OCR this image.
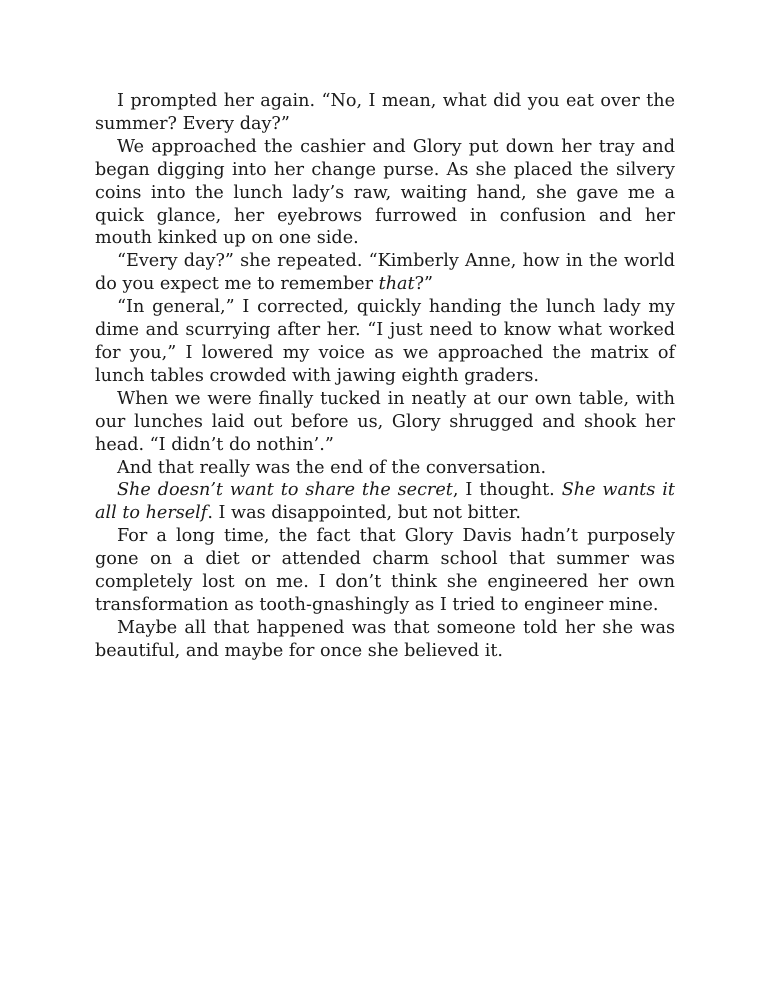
I prompted her again. “No, I mean, what did you eat over the summer? Every day?”

We approached the cashier and Glory put down her tray and began digging into her change purse. As she placed the silvery coins into the lunch lady’s raw, waiting hand, she gave me a quick glance, her eyebrows furrowed in confusion and her mouth kinked up on one side.

“Every day?” she repeated. “Kimberly Anne, how in the world do you expect me to remember that?”

“In general,” I corrected, quickly handing the lunch lady my dime and scurrying after her. “I just need to know what worked for you,” I lowered my voice as we approached the matrix of lunch tables crowded with jawing eighth graders.

When we were finally tucked in neatly at our own table, with our lunches laid out before us, Glory shrugged and shook her head. “I didn’t do nothin’.”

And that really was the end of the conversation.

She doesn’t want to share the secret, I thought. She wants it all to herself. I was disappointed, but not bitter.

For a long time, the fact that Glory Davis hadn’t purposely gone on a diet or attended charm school that summer was completely lost on me. I don’t think she engineered her own transformation as tooth-gnashingly as I tried to engineer mine.

Maybe all that happened was that someone told her she was beautiful, and maybe for once she believed it.
